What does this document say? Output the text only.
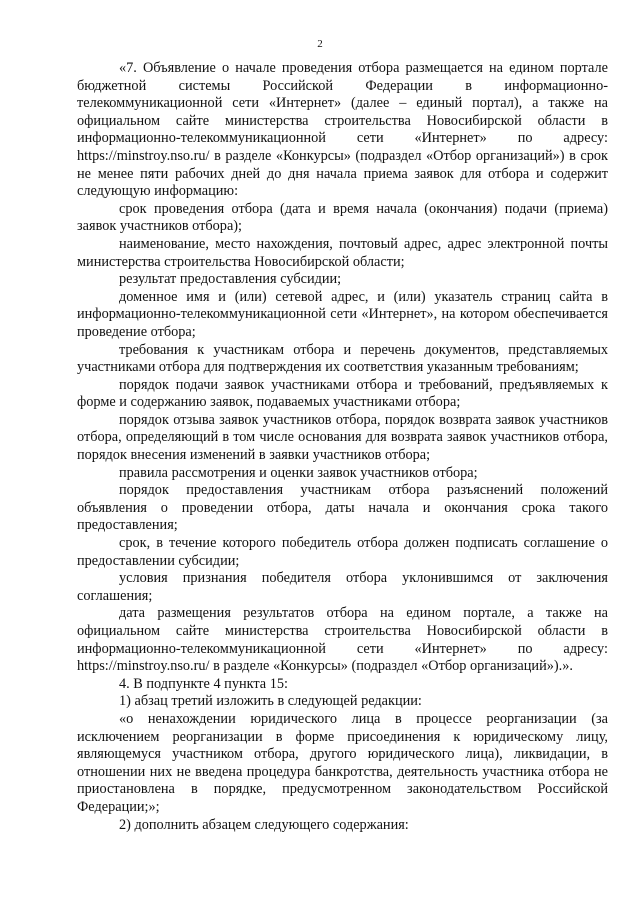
2

«7. Объявление о начале проведения отбора размещается на едином портале бюджетной системы Российской Федерации в информационно-телекоммуникационной сети «Интернет» (далее – единый портал), а также на официальном сайте министерства строительства Новосибирской области в информационно-телекоммуникационной сети «Интернет» по адресу: https://minstroy.nso.ru/ в разделе «Конкурсы» (подраздел «Отбор организаций») в срок не менее пяти рабочих дней до дня начала приема заявок для отбора и содержит следующую информацию:

срок проведения отбора (дата и время начала (окончания) подачи (приема) заявок участников отбора);

наименование, место нахождения, почтовый адрес, адрес электронной почты министерства строительства Новосибирской области;

результат предоставления субсидии;

доменное имя и (или) сетевой адрес, и (или) указатель страниц сайта в информационно-телекоммуникационной сети «Интернет», на котором обеспечивается проведение отбора;

требования к участникам отбора и перечень документов, представляемых участниками отбора для подтверждения их соответствия указанным требованиям;

порядок подачи заявок участниками отбора и требований, предъявляемых к форме и содержанию заявок, подаваемых участниками отбора;

порядок отзыва заявок участников отбора, порядок возврата заявок участников отбора, определяющий в том числе основания для возврата заявок участников отбора, порядок внесения изменений в заявки участников отбора;

правила рассмотрения и оценки заявок участников отбора;

порядок предоставления участникам отбора разъяснений положений объявления о проведении отбора, даты начала и окончания срока такого предоставления;

срок, в течение которого победитель отбора должен подписать соглашение о предоставлении субсидии;

условия признания победителя отбора уклонившимся от заключения соглашения;

дата размещения результатов отбора на едином портале, а также на официальном сайте министерства строительства Новосибирской области в информационно-телекоммуникационной сети «Интернет» по адресу: https://minstroy.nso.ru/ в разделе «Конкурсы» (подраздел «Отбор организаций»).».

4. В подпункте 4 пункта 15:

1) абзац третий изложить в следующей редакции:

«о ненахождении юридического лица в процессе реорганизации (за исключением реорганизации в форме присоединения к юридическому лицу, являющемуся участником отбора, другого юридического лица), ликвидации, в отношении них не введена процедура банкротства, деятельность участника отбора не приостановлена в порядке, предусмотренном законодательством Российской Федерации;»;

2) дополнить абзацем следующего содержания:
